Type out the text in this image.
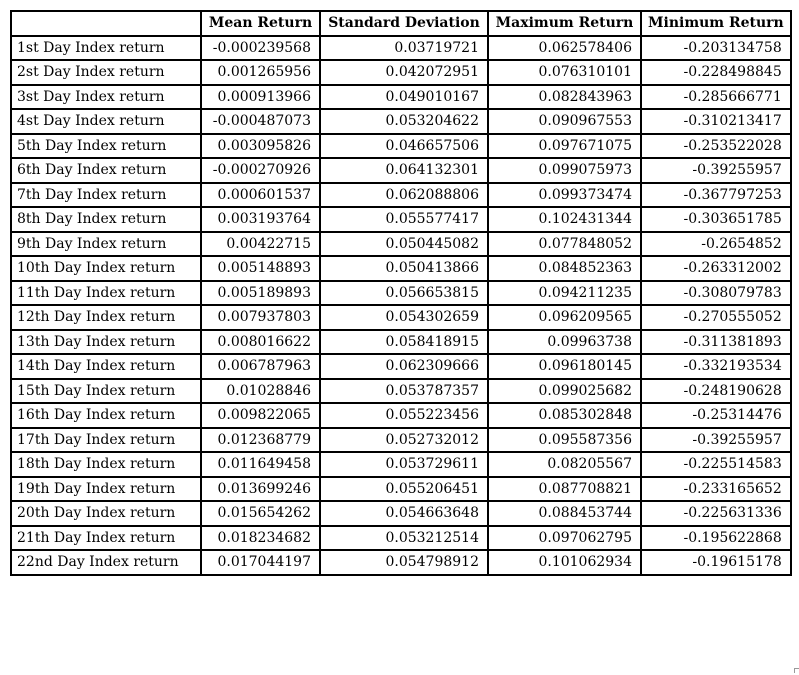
	Mean Return	Standard Deviation	Maximum Return	Minimum Return
1st Day Index return	-0.000239568	0.03719721	0.062578406	-0.203134758
2st Day Index return	0.001265956	0.042072951	0.076310101	-0.228498845
3st Day Index return	0.000913966	0.049010167	0.082843963	-0.285666771
4st Day Index return	-0.000487073	0.053204622	0.090967553	-0.310213417
5th Day Index return	0.003095826	0.046657506	0.097671075	-0.253522028
6th Day Index return	-0.000270926	0.064132301	0.099075973	-0.39255957
7th Day Index return	0.000601537	0.062088806	0.099373474	-0.367797253
8th Day Index return	0.003193764	0.055577417	0.102431344	-0.303651785
9th Day Index return	0.00422715	0.050445082	0.077848052	-0.2654852
10th Day Index return	0.005148893	0.050413866	0.084852363	-0.263312002
11th Day Index return	0.005189893	0.056653815	0.094211235	-0.308079783
12th Day Index return	0.007937803	0.054302659	0.096209565	-0.270555052
13th Day Index return	0.008016622	0.058418915	0.09963738	-0.311381893
14th Day Index return	0.006787963	0.062309666	0.096180145	-0.332193534
15th Day Index return	0.01028846	0.053787357	0.099025682	-0.248190628
16th Day Index return	0.009822065	0.055223456	0.085302848	-0.25314476
17th Day Index return	0.012368779	0.052732012	0.095587356	-0.39255957
18th Day Index return	0.011649458	0.053729611	0.08205567	-0.225514583
19th Day Index return	0.013699246	0.055206451	0.087708821	-0.233165652
20th Day Index return	0.015654262	0.054663648	0.088453744	-0.225631336
21th Day Index return	0.018234682	0.053212514	0.097062795	-0.195622868
22nd Day Index return	0.017044197	0.054798912	0.101062934	-0.19615178
